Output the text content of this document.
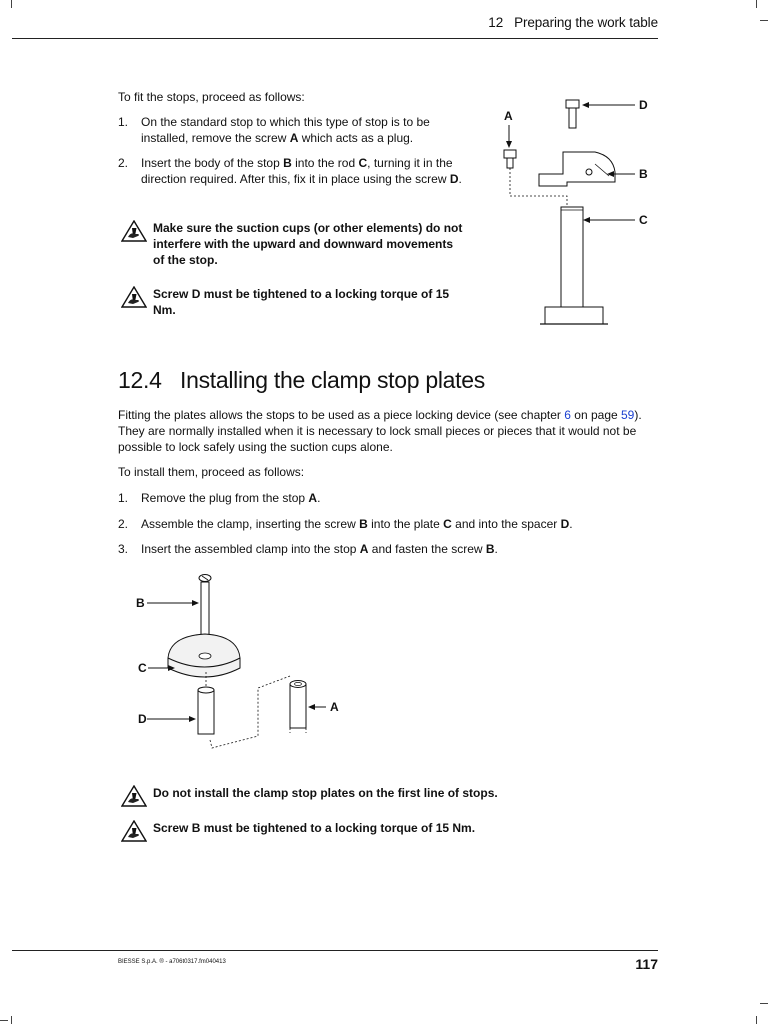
12 Preparing the work table
To fit the stops, proceed as follows:
1.	On the standard stop to which this type of stop is to be installed, remove the screw A which acts as a plug.
2.	Insert the body of the stop B into the rod C, turning it in the direction required. After this, fix it in place using the screw D.
Make sure the suction cups (or other elements) do not interfere with the upward and downward movements of the stop.
Screw D must be tightened to a locking torque of 15 Nm.
D
A
B
C
12.4 Installing the clamp stop plates
Fitting the plates allows the stops to be used as a piece locking device (see chapter 6 on page 59). They are normally installed when it is necessary to lock small pieces or pieces that it would not be possible to lock safely using the suction cups alone.
To install them, proceed as follows:
1.	Remove the plug from the stop A.
2.	Assemble the clamp, inserting the screw B into the plate C and into the spacer D.
3.	Insert the assembled clamp into the stop A and fasten the screw B.
B
C
D
A
Do not install the clamp stop plates on the first line of stops.
Screw B must be tightened to a locking torque of 15 Nm.
BIESSE S.p.A. ® - a706t0317.fm040413	117
